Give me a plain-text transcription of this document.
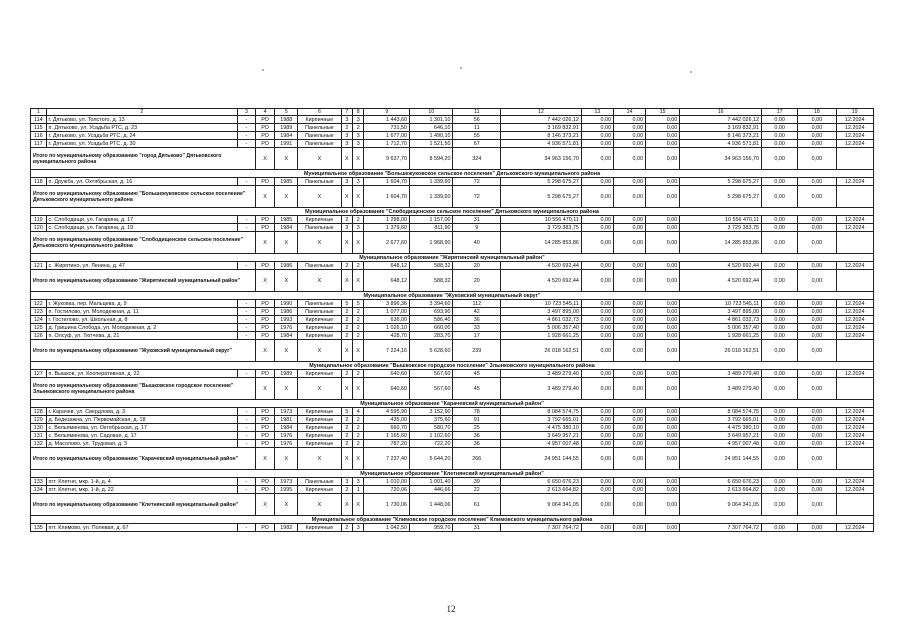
1	2	3	4	5	6	7	8	9	10	11	12	13	14	15	16	17	18	19
114	г. Дятьково, ул. Толстого, д. 13	-	РО	1988	Кирпичные	3	3	1 443,60	1 301,10	56	7 442 026,12	0,00	0,00	0,00	7 442 026,12	0,00	0,00	12.2024
115	п. Дятьково, ул. Усадьба РТС, д. 23	-	РО	1989	Панельные	2	2	731,50	646,10	11	3 169 832,91	0,00	0,00	0,00	3 169 832,91	0,00	0,00	12.2024
116	г. Дятьково, ул. Усадьба РТС, д. 24	-	РО	1984	Панельные	3	3	1 677,00	1 490,10	55	8 146 373,21	0,00	0,00	0,00	8 146 373,21	0,00	0,00	12.2024
117	г. Дятьково, ул. Усадьба РТС, д. 30	-	РО	1991	Панельные	3	3	1 712,70	1 521,50	67	4 936 571,81	0,00	0,00	0,00	4 936 571,81	0,00	0,00	12.2024
Итого по муниципальному образованию "город Дятьково" Дятьковского муниципального района			X	X	X	X	X	9 637,70	8 594,20	324	34 963 156,70	0,00	0,00	0,00	34 963 156,70	0,00	0,00	
Муниципальное образование "Большежуковское сельское поселение" Дятьковского муниципального района																		
118	п. Дружба, ул. Октябрьская, д. 16	-	РО	1985	Панельные	3	3	1 604,70	1 339,60	72	5 298 675,27	0,00	0,00	0,00	5 298 675,27	0,00	0,00	12.2024
Итого по муниципальному образованию "Большежуковское сельское поселение" Дятьковского муниципального района			X	X	X	X	X	1 604,70	1 339,60	72	5 298 675,27	0,00	0,00	0,00	5 298 675,27	0,00	0,00	
Муниципальное образование "Слободищенское сельское поселение" Дятьковского муниципального района																		
119	с. Слободищи, ул. Гагарина, д. 17	-	РО	1985	Кирпичные	2	2	1 298,00	1 157,00	31	10 556 470,11	0,00	0,00	0,00	10 556 470,11	0,00	0,00	12.2024
120	с. Слободищи, ул. Гагарина, д. 19	-	РО	1984	Панельные	3	3	1 379,60	811,90	9	3 729 383,75	0,00	0,00	0,00	3 729 383,75	0,00	0,00	12.2024
Итого по муниципальному образованию "Слободищенское сельское поселение" Дятьковского муниципального района			X	X	X	X	X	2 677,60	1 968,90	40	14 285 853,86	0,00	0,00	0,00	14 285 853,86	0,00	0,00	
Муниципальное образование "Жирятинский муниципальный район"																		
121	с. Жирятино, ул. Ленина, д. 47	-	РО	1986	Панельные	2	2	648,12	588,32	20	4 520 692,44	0,00	0,00	0,00	4 520 692,44	0,00	0,00	12.2024
Итого по муниципальному образованию "Жирятинский муниципальный район"			X	X	X	X	X	648,12	588,32	20	4 520 692,44	0,00	0,00	0,00	4 520 692,44	0,00	0,00	
Муниципальное образование "Жуковский муниципальный округ"																		
122	г. Жуковка, пер. Мальцева, д. 9	-	РО	1990	Панельные	5	5	3 896,36	3 394,60	112	10 723 545,11	0,00	0,00	0,00	10 723 545,11	0,00	0,00	12.2024
123	п. Гостилово, ул. Молодежная, д. 11	-	РО	1986	Панельные	2	2	1 077,00	693,90	42	3 497 895,00	0,00	0,00	0,00	3 497 895,00	0,00	0,00	12.2024
124	г. Гостилово, ул. Школьная, д. 8	-	РО	1993	Кирпичные	2	2	636,00	586,40	36	4 861 032,73	0,00	0,00	0,00	4 861 032,73	0,00	0,00	12.2024
125	д. Гришина Слобода, ул. Молодежная, д. 2	-	РО	1976	Кирпичные	2	2	1 026,10	660,00	33	5 006 357,40	0,00	0,00	0,00	5 006 357,40	0,00	0,00	12.2024
126	п. Олсуф, ул. Тютчева, д. 21	-	РО	1984	Кирпичные	2	2	428,70	283,70	17	1 928 661,25	0,00	0,00	0,00	1 928 661,25	0,00	0,00	12.2024
Итого по муниципальному образованию "Жуковский муниципальный округ"			X	X	X	X	X	7 224,16	5 628,60	239	26 018 162,51	0,00	0,00	0,00	26 018 162,51	0,00	0,00	
Муниципальное образование "Вышковское городское поселение" Злынковского муниципального района																		
127	п. Вышков, ул. Кооперативная, д. 22	-	РО	1989	Кирпичные	2	2	640,60	567,60	45	3 489 279,40	0,00	0,00	0,00	3 489 279,40	0,00	0,00	12.2024
Итого по муниципальному образованию "Вышковское городское поселение" Злынковского муниципального района			X	X	X	X	X	640,60	567,60	45	3 489 279,40	0,00	0,00	0,00	3 489 279,40	0,00	0,00	
Муниципальное образование "Карачевский муниципальный район"																		
128	г. Карачев, ул. Свердлова, д. 3	-	РО	1973	Кирпичные	5	4	4 595,90	3 152,90	78	8 084 574,75	0,00	0,00	0,00	8 084 574,75	0,00	0,00	12.2024
129	д. Бедезажна, ул. Первомайская, д. 18	-	РО	1981	Кирпичные	2	2	435,00	375,60	91	3 792 665,01	0,00	0,00	0,00	3 792 665,01	0,00	0,00	12.2024
130	с. Вельяминова, ул. Октябрьская, д. 17	-	РО	1984	Кирпичные	2	2	660,70	580,70	25	4 475 380,10	0,00	0,00	0,00	4 475 380,10	0,00	0,00	12.2024
131	с. Вельяминова, ул. Садовая, д. 17	-	РО	1976	Кирпичные	2	2	1 165,60	1 102,60	36	3 649 957,21	0,00	0,00	0,00	3 649 957,21	0,00	0,00	12.2024
132	д. Масолово, ул. Трудовая, д. 3	-	РО	1976	Кирпичные	2	2	787,20	722,20	36	4 957 007,48	0,00	0,00	0,00	4 957 007,48	0,00	0,00	12.2024
Итого по муниципальному образованию "Карачевский муниципальный район"			X	X	X	X	X	7 237,40	5 644,20	266	24 951 144,55	0,00	0,00	0,00	24 951 144,55	0,00	0,00	
Муниципальное образование "Клетнянский муниципальный район"																		
133	пгт. Клетня, мкр. 1-й, д. 4	-	РО	1973	Панельные	3	3	1 010,00	1 001,40	39	6 650 676,23	0,00	0,00	0,00	6 650 676,23	0,00	0,00	12.2024
134	пгт. Клетня, мкр. 1-й, д. 22	-	РО	1995	Кирпичные	2	1	720,06	446,66	22	2 613 664,82	0,00	0,00	0,00	2 613 664,82	0,00	0,00	12.2024
Итого по муниципальному образованию "Клетнянский муниципальный район"			X	X	X	X	X	1 730,06	1 448,06	61	9 064 341,05	0,00	0,00	0,00	9 064 341,05	0,00	0,00	
Муниципальное образование "Климовское городское поселение" Климовского муниципального района																		
135	пгт. Климово, ул. Полевая, д. 67	-	РО	1982	Кирпичные	2	3	1 042,50	959,70	31	7 307 764,72	0,00	0,00	0,00	7 307 764,72	0,00	0,00	12.2024
12
